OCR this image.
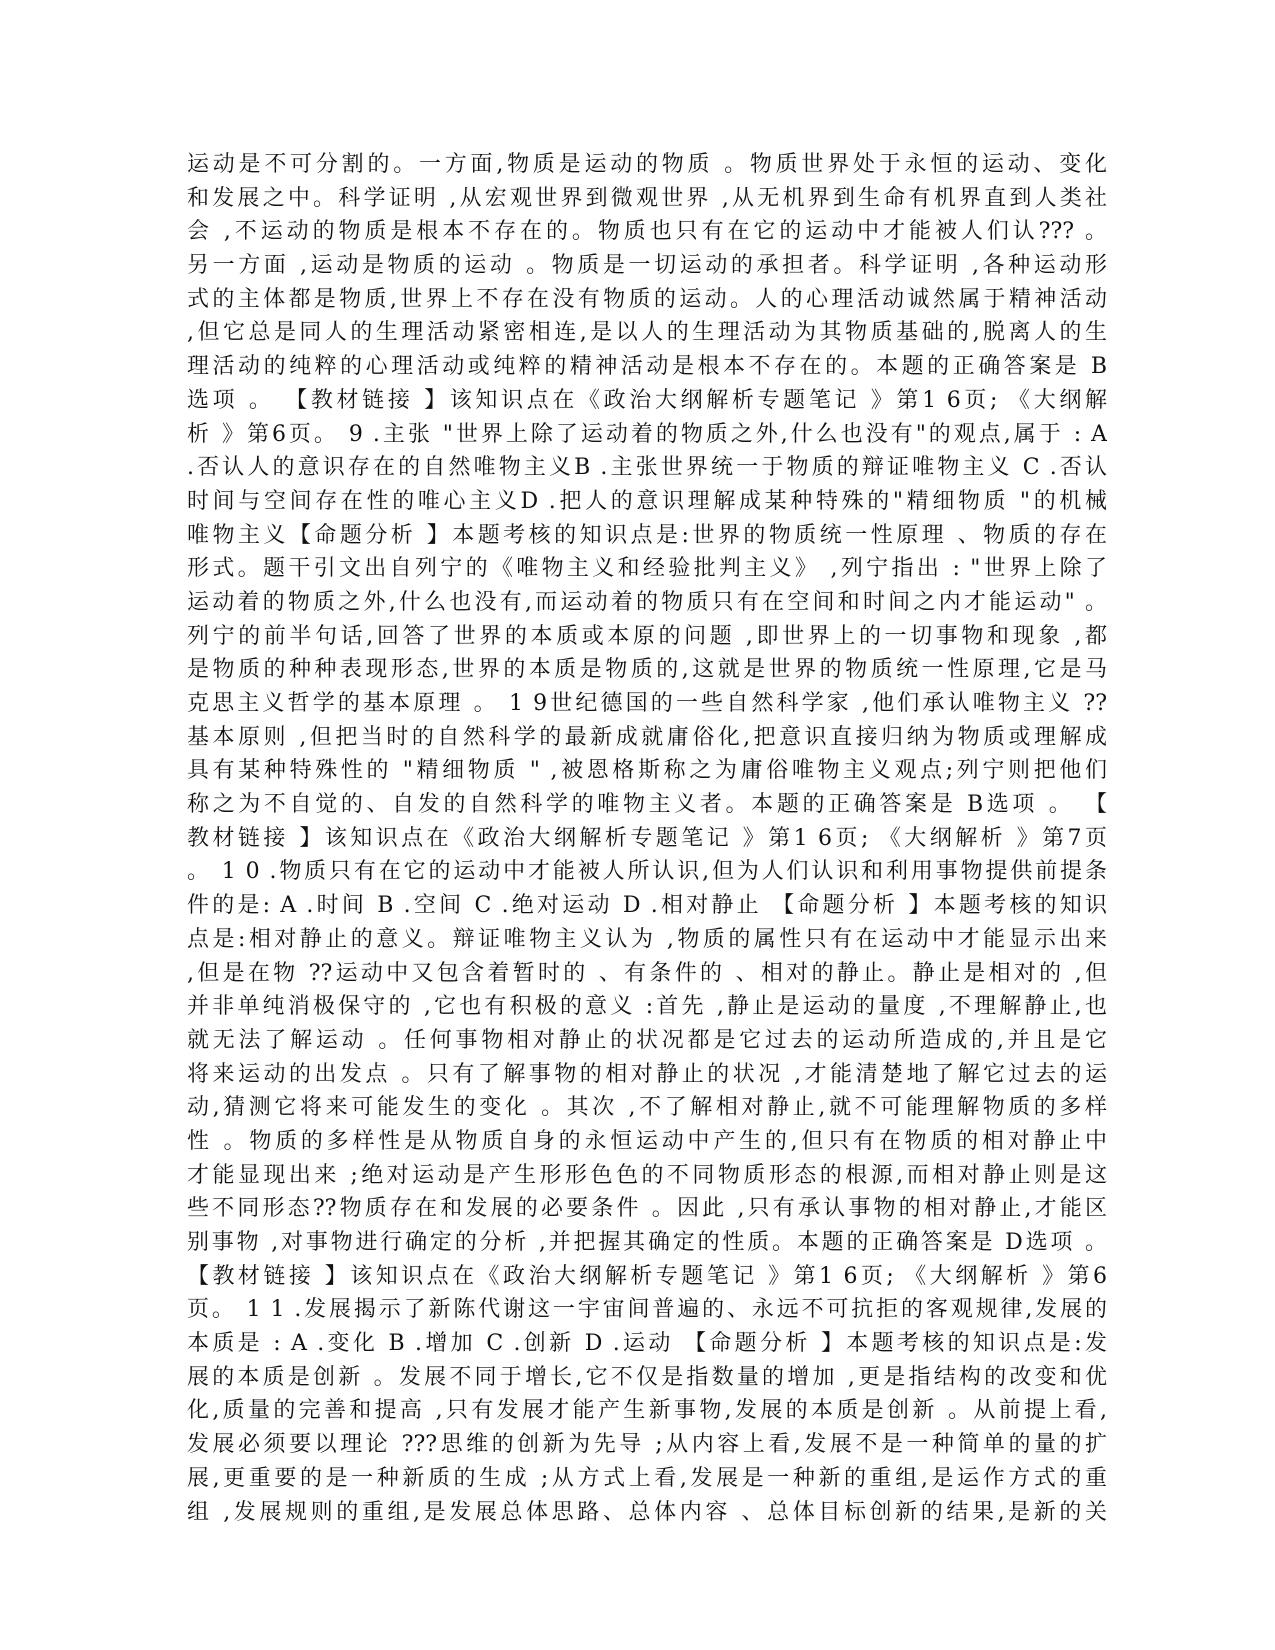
运动是不可分割的。一方面,物质是运动的物质 。物质世界处于永恒的运动、变化
和发展之中。科学证明 ,从宏观世界到微观世界 ,从无机界到生命有机界直到人类社
会 ,不运动的物质是根本不存在的。物质也只有在它的运动中才能被人们认??? 。
另一方面 ,运动是物质的运动 。物质是一切运动的承担者。科学证明 ,各种运动形
式的主体都是物质,世界上不存在没有物质的运动。人的心理活动诚然属于精神活动
,但它总是同人的生理活动紧密相连,是以人的生理活动为其物质基础的,脱离人的生
理活动的纯粹的心理活动或纯粹的精神活动是根本不存在的。本题的正确答案是 B
选项 。 【教材链接 】该知识点在《政治大纲解析专题笔记 》第1 6页; 《大纲解
析 》第6页。 9 .主张 "世界上除了运动着的物质之外,什么也没有"的观点,属于 : A
.否认人的意识存在的自然唯物主义B .主张世界统一于物质的辩证唯物主义 C .否认
时间与空间存在性的唯心主义D .把人的意识理解成某种特殊的"精细物质 "的机械
唯物主义【命题分析 】本题考核的知识点是:世界的物质统一性原理 、物质的存在
形式。题干引文出自列宁的《唯物主义和经验批判主义》 ,列宁指出 : "世界上除了
运动着的物质之外,什么也没有,而运动着的物质只有在空间和时间之内才能运动" 。
列宁的前半句话,回答了世界的本质或本原的问题 ,即世界上的一切事物和现象 ,都
是物质的种种表现形态,世界的本质是物质的,这就是世界的物质统一性原理,它是马
克思主义哲学的基本原理 。 1 9世纪德国的一些自然科学家 ,他们承认唯物主义 ??
基本原则 ,但把当时的自然科学的最新成就庸俗化,把意识直接归纳为物质或理解成
具有某种特殊性的 "精细物质 " ,被恩格斯称之为庸俗唯物主义观点;列宁则把他们
称之为不自觉的、自发的自然科学的唯物主义者。本题的正确答案是 B选项 。 【
教材链接 】该知识点在《政治大纲解析专题笔记 》第1 6页; 《大纲解析 》第7页
。 1 0 .物质只有在它的运动中才能被人所认识,但为人们认识和利用事物提供前提条
件的是: A .时间 B .空间 C .绝对运动 D .相对静止 【命题分析 】本题考核的知识
点是:相对静止的意义。辩证唯物主义认为 ,物质的属性只有在运动中才能显示出来
,但是在物 ??运动中又包含着暂时的 、有条件的 、相对的静止。静止是相对的 ,但
并非单纯消极保守的 ,它也有积极的意义 :首先 ,静止是运动的量度 ,不理解静止,也
就无法了解运动 。任何事物相对静止的状况都是它过去的运动所造成的,并且是它
将来运动的出发点 。只有了解事物的相对静止的状况 ,才能清楚地了解它过去的运
动,猜测它将来可能发生的变化 。其次 ,不了解相对静止,就不可能理解物质的多样
性 。物质的多样性是从物质自身的永恒运动中产生的,但只有在物质的相对静止中
才能显现出来 ;绝对运动是产生形形色色的不同物质形态的根源,而相对静止则是这
些不同形态??物质存在和发展的必要条件 。因此 ,只有承认事物的相对静止,才能区
别事物 ,对事物进行确定的分析 ,并把握其确定的性质。本题的正确答案是 D选项 。
【教材链接 】该知识点在《政治大纲解析专题笔记 》第1 6页; 《大纲解析 》第6
页。 1 1 .发展揭示了新陈代谢这一宇宙间普遍的、永远不可抗拒的客观规律,发展的
本质是 : A .变化 B .增加 C .创新 D .运动 【命题分析 】本题考核的知识点是:发
展的本质是创新 。发展不同于增长,它不仅是指数量的增加 ,更是指结构的改变和优
化,质量的完善和提高 ,只有发展才能产生新事物,发展的本质是创新 。从前提上看,
发展必须要以理论 ???思维的创新为先导 ;从内容上看,发展不是一种简单的量的扩
展,更重要的是一种新质的生成 ;从方式上看,发展是一种新的重组,是运作方式的重
组 ,发展规则的重组,是发展总体思路、总体内容 、总体目标创新的结果,是新的关
